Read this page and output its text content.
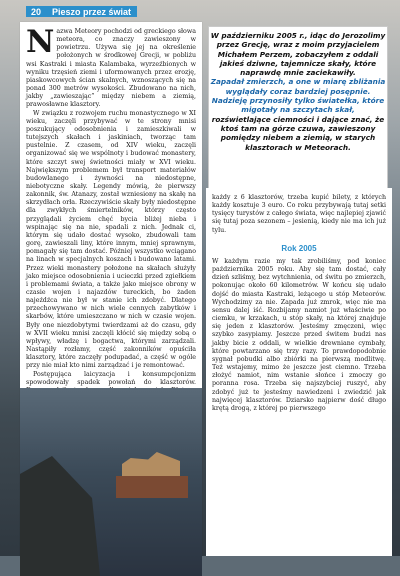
20	Pieszo przez świat

Nazwa Meteory pochodzi od greckiego słowa meteora, co znaczy zawieszony w powietrzu. Używa się jej na określenie położonych w środkowej Grecji, w pobliżu wsi Kastraki i miasta Kalambaka, wyrzeźbionych w wyniku trzęsień ziemi i uformowanych przez erozję, piaskowcowych ścian skalnych, wznoszących się na ponad 300 metrów wysokości. Zbudowano na nich, jakby „zawieszając” między niebem a ziemią, prawosławne klasztory.

W związku z rozwojem ruchu monastycznego w XI wieku, zaczęli przybywać w te strony mnisi poszukujący odosobnienia i zamieszkiwali w tutejszych skałach i jaskiniach, tworząc tam pustelnie. Z czasem, od XIV wieku, zaczęli organizować się we wspólnoty i budować monastery, które szczyt swej świetności miały w XVI wieku. Największym problemem był transport materiałów budowlanego i żywności na niedostępne, niebotyczne skały. Legendy mówią, że pierwszy zakonnik, św. Atanazy, został wzniesiony na skałę na skrzydłach orła. Rzeczywiście skały były niedostępne dla zwykłych śmiertelników, którzy często przyglądali życiem chęć bycia bliżej nieba i wspinając się na nie, spadali z nich. Jednak ci, którym się udało dostać wysoko, zbudowali tam gorę, zawieszali liny, które innym, mniej sprawnym, pomagały się tam dostać. Później wszystko wciągano na linach w specjalnych koszach i budowano latami. Przez wieki monastery położone na skałach służyły jako miejsce odosobnienia i ucieczki przed zgiełkiem i problemami świata, a także jako miejsce obrony w czasie wojen i najazdów tureckich, bo żaden najeźdźca nie był w stanie ich zdobyć. Dlatego przechowywano w nich wiele cennych zabytków i skarbów, które umieszczano w nich w czasie wojen. Były one niezdobytymi twierdzami aż do czasu, gdy w XVII wieku mnisi zaczęli kłócić się między sobą o wpływy, władzę i bogactwa, którymi zarządzali. Nastąpiły rozłamy, część zakonników opuściła klasztory, które zaczęły podupadać, a część w ogóle przy nie miał kto nimi zarządzać i je remontować.

Postępująca laicyzacja i konsumpcjonizm spowodowały spadek powołań do klasztorów.

W październiku 2005 r., idąc do Jerozolimy przez Grecję, wraz z moim przyjacielem Michałem Perzem, zobaczyłem z oddali jakieś dziwne, tajemnicze skały, które naprawdę mnie zaciekawiły.
Zapadał zmierzch, a one w miarę zbliżania wyglądały coraz bardziej posępnie. Nadzieję przynosiły tylko światełka, które migotały na szczytach skał,
rozświetlające ciemności i dające znać, że ktoś tam na górze czuwa, zawieszony pomiędzy niebem a ziemią, w starych klasztorach w Meteorach.
każdy z 6 klasztorów, trzeba kupić bilety, z których każdy kosztuje 3 euro. Co roku przybywają tutaj setki tysięcy turystów z całego świata, więc najlepiej zjawić się tutaj poza sezonem – jesienią, kiedy nie ma ich już tylu.
Rok 2005
W każdym razie my tak zrobiliśmy, pod koniec października 2005 roku. Aby się tam dostać, cały dzień szliśmy, bez wytchnienia, od świtu po zmierzch, pokonując około 60 kilometrów. W końcu się udało dojść do miasta Kastraki, leżącego u stóp Meteorów. Wychodzimy za nie. Zapada już zmrok, więc nie ma sensu dalej iść. Rozbijamy namiot już właściwie po ciemku, w krzakach, u stóp skały, na której znajduje się jeden z klasztorów. Jesteśmy zmęczeni, więc szybko zasypiamy. Jeszcze przed świtem budzi nas jakby bicie z oddali, w wielkie drewniane cymbały, które powtarzano się trzy razy. To prawdopodobnie sygnał pobudki albo zbiórki na pierwszą modlitwę. Też wstajemy, mimo że jeszcze jest ciemno. Trzeba złożyć namiot, nim wstanie słońce i zmoczy go poranna rosa. Trzeba się najszybciej ruszyć, aby zdobyć już te jesteśmy nawiedzeni i zwiedzić jak najwięcej klasztorów. Dziarsko najpierw dość długo krętą drogą, z której po pierwszego
